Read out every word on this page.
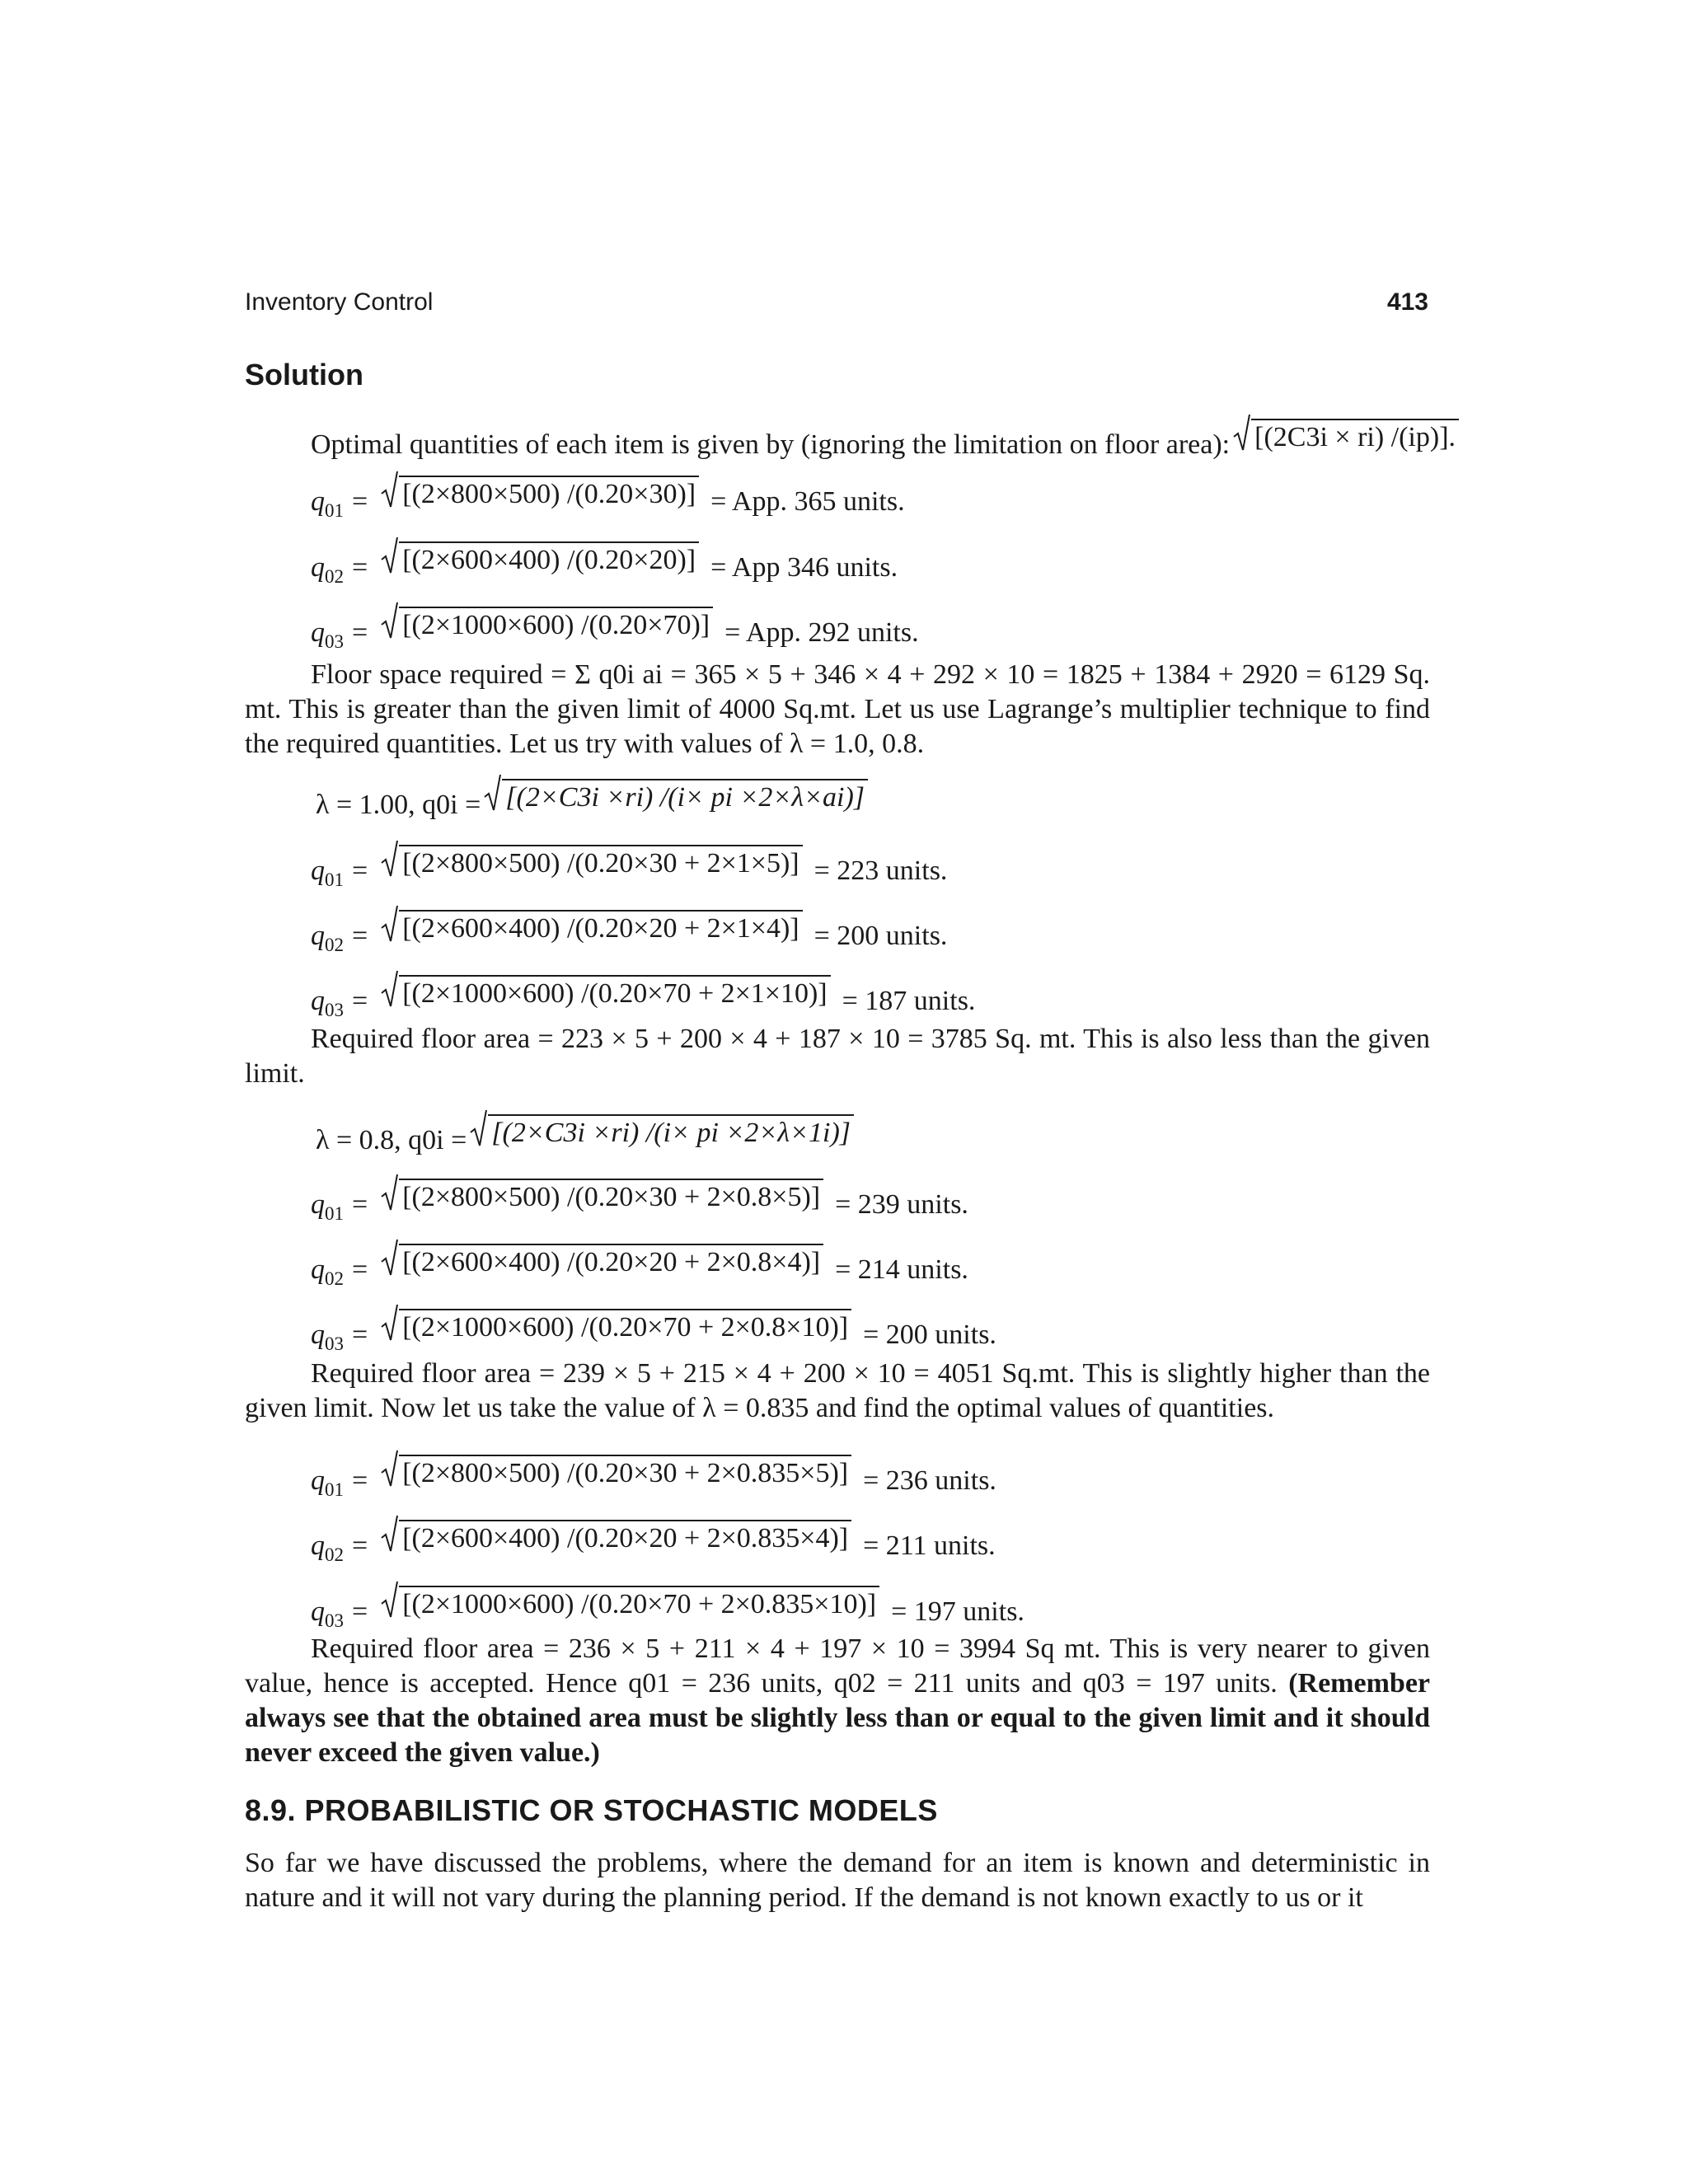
Inventory Control	413
Solution
Optimal quantities of each item is given by (ignoring the limitation on floor area): [(2C3i × ri) /(ip)].
$q_{01} = [(2\times 800\times 500) /(0.20\times 30)]$ = App. 365 units.
$q_{02} = [(2\times 600\times 400) /(0.20\times 20)]$ = App 346 units.
$q_{03} = [(2\times 1000\times 600) /(0.20\times 70)]$ = App. 292 units.
Floor space required = Σ q0i ai = 365 × 5 + 346 × 4 + 292 × 10 = 1825 + 1384 + 2920 = 6129 Sq. mt. This is greater than the given limit of 4000 Sq.mt. Let us use Lagrange’s multiplier technique to find the required quantities. Let us try with values of λ = 1.0, 0.8.
λ = 1.00, q0i = [(2×C3i ×ri) /(i× pi ×2×λ×ai)]
$q_{01} = [(2\times 800\times 500) /(0.20\times 30 + 2\times 1\times 5)] = 223$ units.
$q_{02} = [(2\times 600\times 400) /(0.20\times 20 + 2\times 1\times 4)] = 200$ units.
$q_{03} = [(2\times 1000\times 600) /(0.20\times 70 + 2\times 1\times 10)] = 187$ units.
Required floor area = 223 × 5 + 200 × 4 + 187 × 10 = 3785 Sq. mt. This is also less than the given limit.
λ = 0.8, q0i = [(2×C3i ×ri) /(i× pi ×2×λ×1i)]
$q_{01} = [(2\times 800\times 500) /(0.20\times 30 + 2\times 0.8\times 5)] = 239$ units.
$q_{02} = [(2\times 600\times 400) /(0.20\times 20 + 2\times 0.8\times 4)] = 214$ units.
$q_{03} = [(2\times 1000\times 600) /(0.20\times 70 + 2\times 0.8\times 10)] = 200$ units.
Required floor area = 239 × 5 + 215 × 4 + 200 × 10 = 4051 Sq.mt. This is slightly higher than the given limit. Now let us take the value of λ = 0.835 and find the optimal values of quantities.
$q_{01} = [(2\times 800\times 500) /(0.20\times 30 + 2\times 0.835\times 5)] = 236$ units.
$q_{02} = [(2\times 600\times 400) /(0.20\times 20 + 2\times 0.835\times 4)] = 211$ units.
$q_{03} = [(2\times 1000\times 600) /(0.20\times 70 + 2\times 0.835\times 10)] = 197$ units.
Required floor area = 236 × 5 + 211 × 4 + 197 × 10 = 3994 Sq mt. This is very nearer to given value, hence is accepted. Hence q01 = 236 units, q02 = 211 units and q03 = 197 units. (Remember always see that the obtained area must be slightly less than or equal to the given limit and it should never exceed the given value.)
8.9. PROBABILISTIC OR STOCHASTIC MODELS
So far we have discussed the problems, where the demand for an item is known and deterministic in nature and it will not vary during the planning period. If the demand is not known exactly to us or it
